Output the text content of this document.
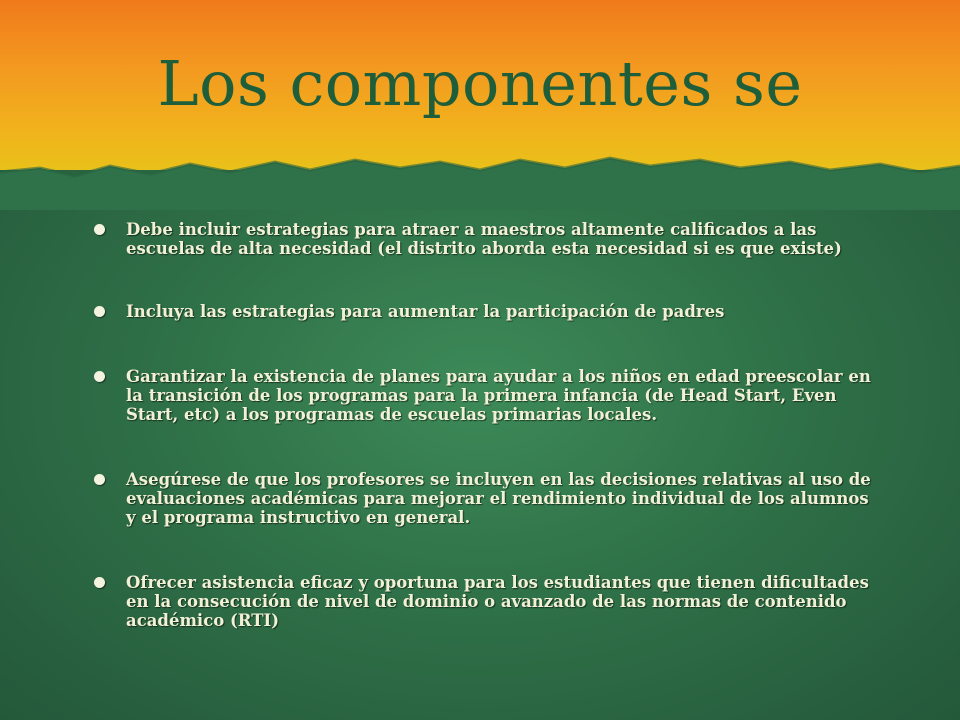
Los componentes se
Debe incluir estrategias para atraer a maestros altamente calificados a las escuelas de alta necesidad (el distrito aborda esta necesidad si es que existe)
Incluya las estrategias para aumentar la participación de padres
Garantizar la existencia de planes para ayudar a los niños en edad preescolar en la transición de los programas para la primera infancia (de Head Start, Even Start, etc) a los programas de escuelas primarias locales.
Asegúrese de que los profesores se incluyen en las decisiones relativas al uso de evaluaciones académicas para mejorar el rendimiento individual de los alumnos y el programa instructivo en general.
Ofrecer asistencia eficaz y oportuna para los estudiantes que tienen dificultades en la consecución de nivel de dominio o avanzado de las normas de contenido académico (RTI)
